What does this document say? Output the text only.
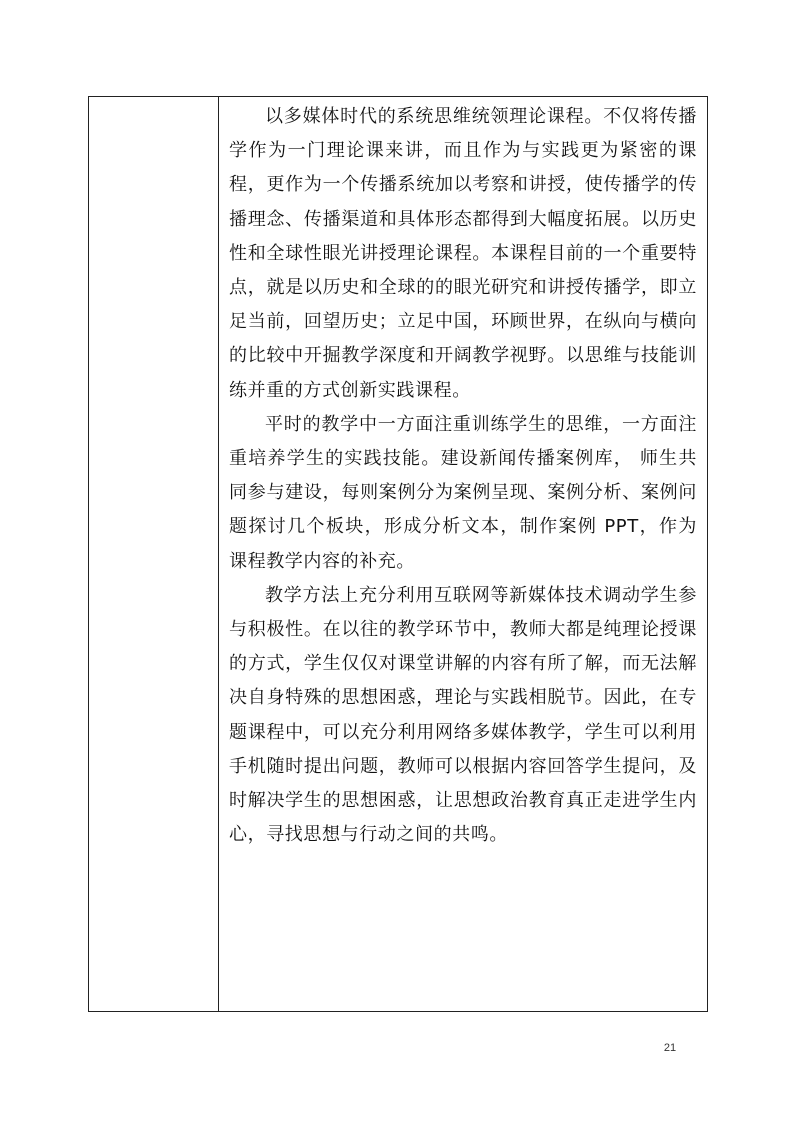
以多媒体时代的系统思维统领理论课程。不仅将传播学作为一门理论课来讲，而且作为与实践更为紧密的课程，更作为一个传播系统加以考察和讲授，使传播学的传播理念、传播渠道和具体形态都得到大幅度拓展。以历史性和全球性眼光讲授理论课程。本课程目前的一个重要特点，就是以历史和全球的的眼光研究和讲授传播学，即立足当前，回望历史；立足中国，环顾世界，在纵向与横向的比较中开掘教学深度和开阔教学视野。以思维与技能训练并重的方式创新实践课程。

平时的教学中一方面注重训练学生的思维，一方面注重培养学生的实践技能。建设新闻传播案例库， 师生共同参与建设，每则案例分为案例呈现、案例分析、案例问题探讨几个板块，形成分析文本，制作案例 PPT，作为课程教学内容的补充。

教学方法上充分利用互联网等新媒体技术调动学生参与积极性。在以往的教学环节中，教师大都是纯理论授课的方式，学生仅仅对课堂讲解的内容有所了解，而无法解决自身特殊的思想困惑，理论与实践相脱节。因此，在专题课程中，可以充分利用网络多媒体教学，学生可以利用手机随时提出问题，教师可以根据内容回答学生提问，及时解决学生的思想困惑，让思想政治教育真正走进学生内心，寻找思想与行动之间的共鸣。

21
